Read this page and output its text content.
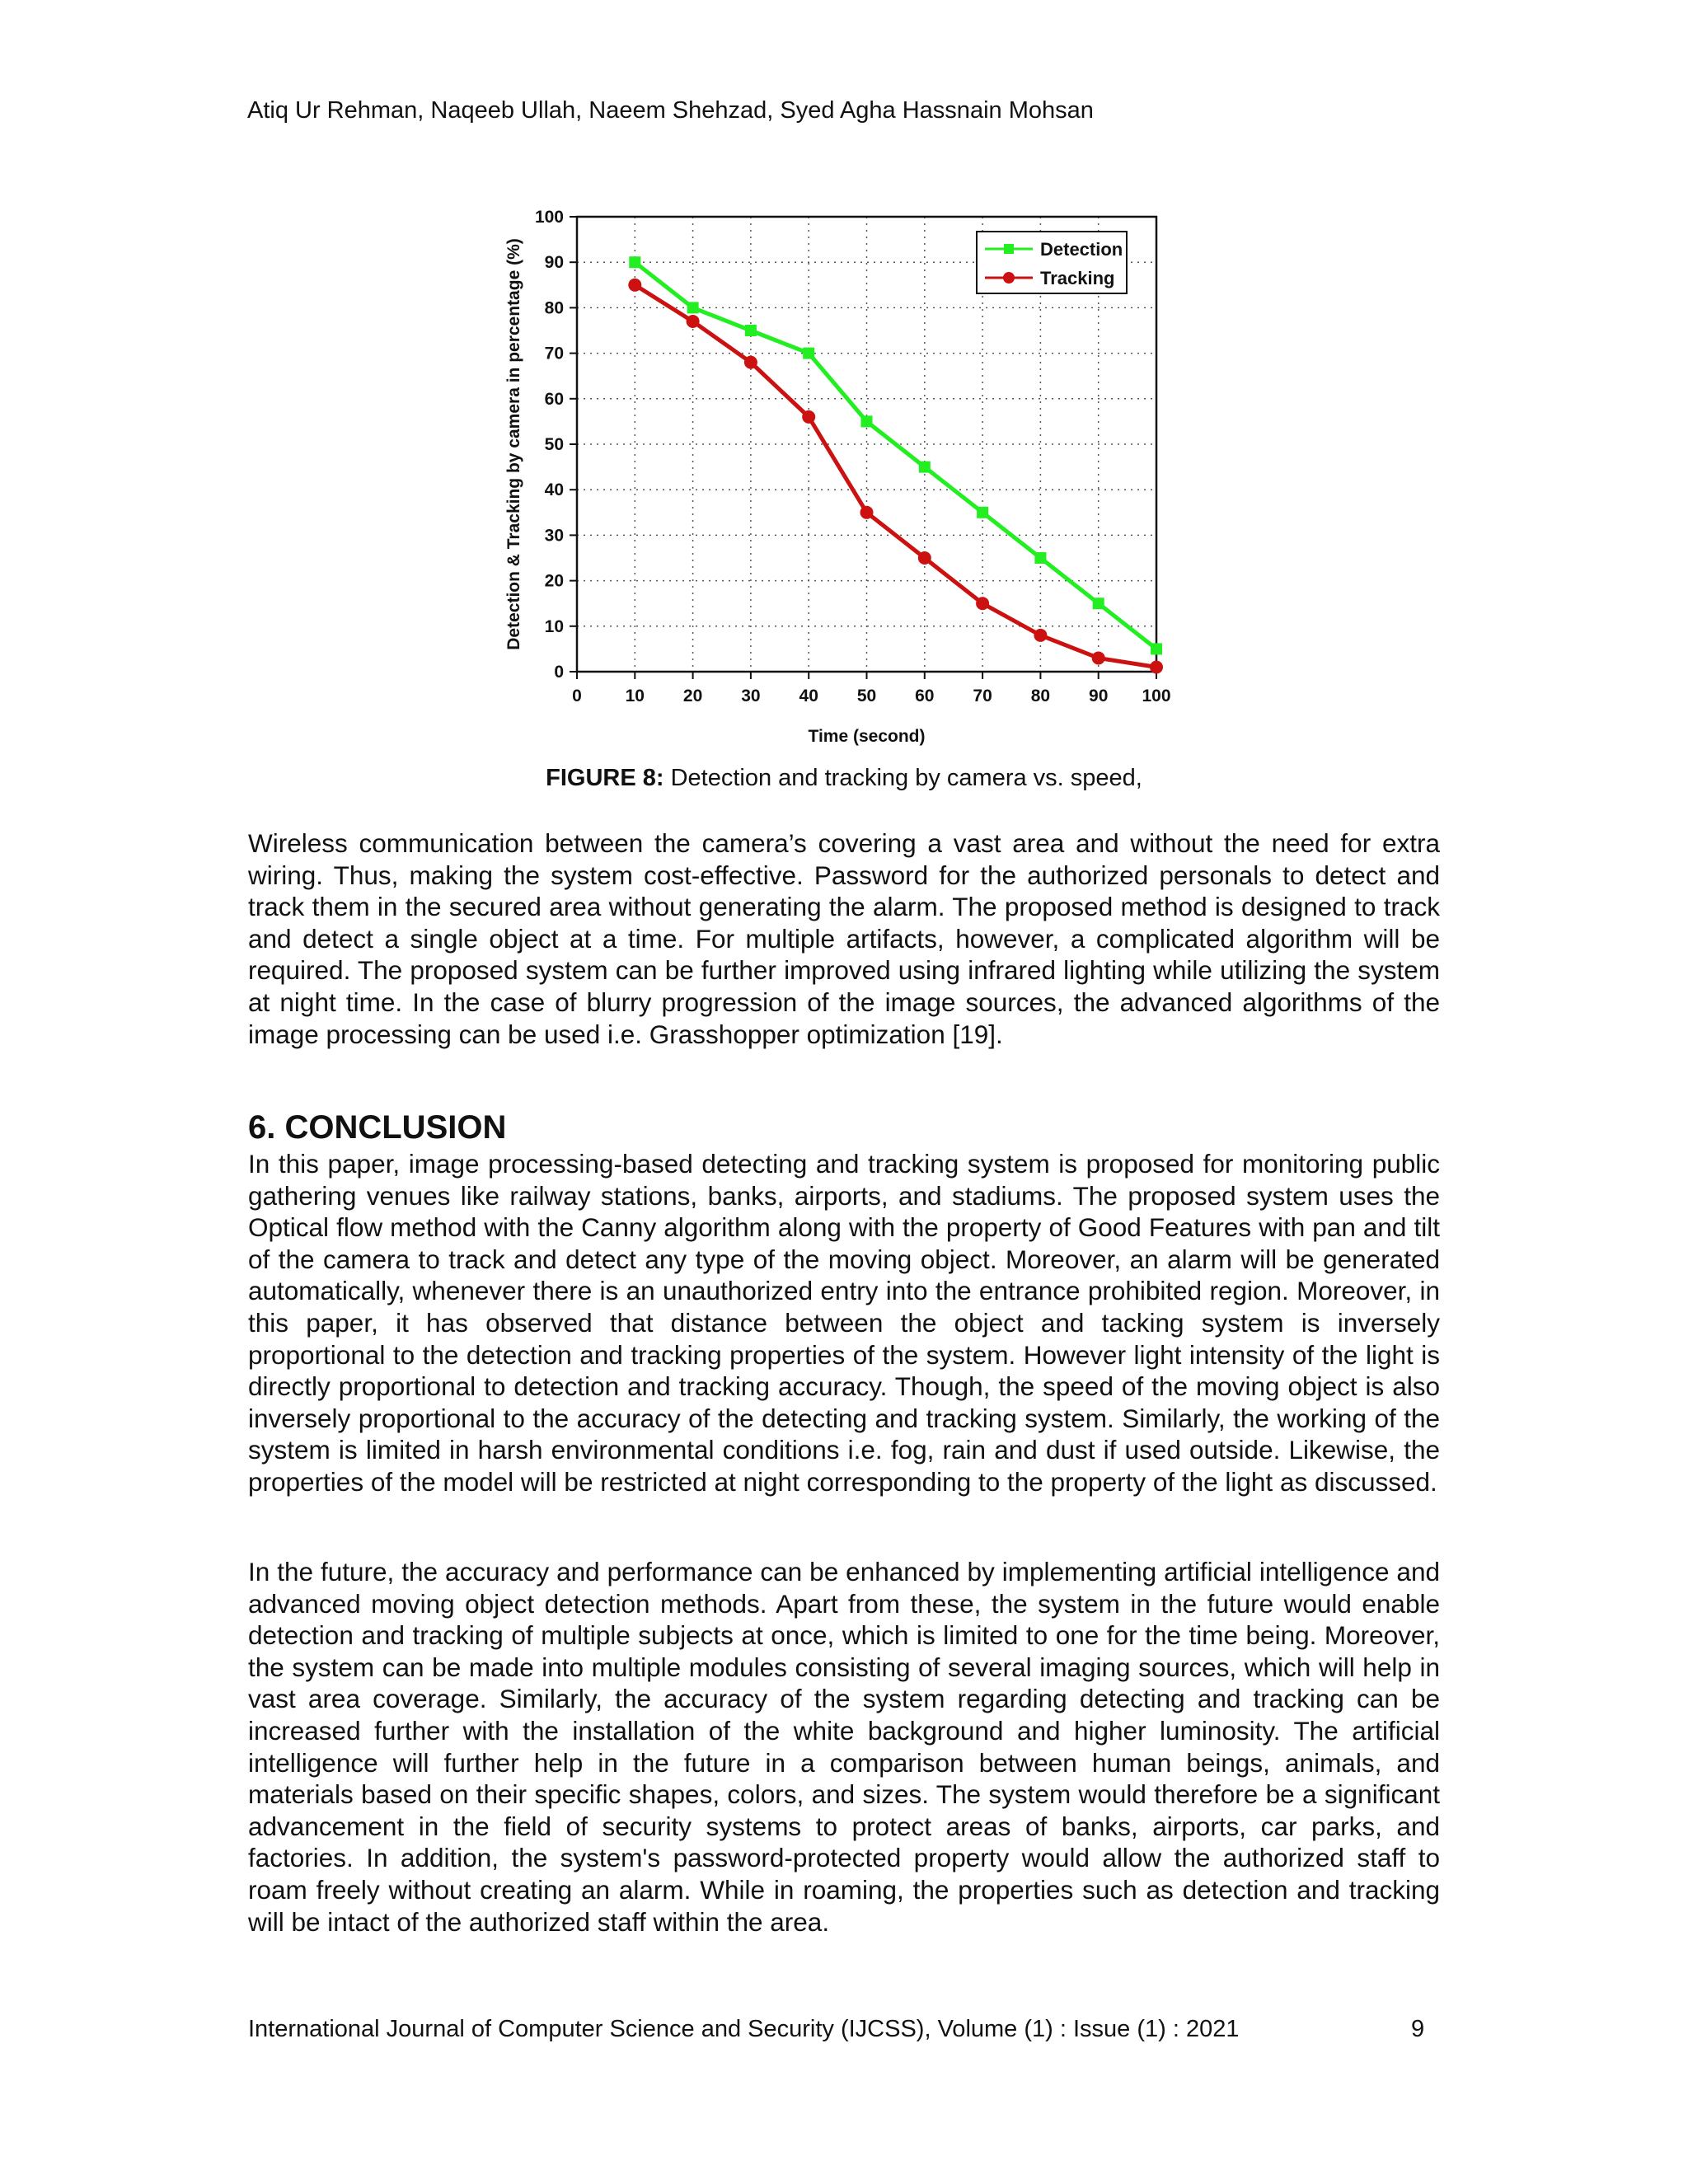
Atiq Ur Rehman, Naqeeb Ullah, Naeem Shehzad, Syed Agha Hassnain Mohsan
0	10 20 30 40 50 60 70 80 90 100
0
10
20
30
40
50
60
70
80
90
100
Time (second)
Detection & Tracking by camera in percentage (%)	Detection
Tracking
FIGURE 8: Detection and tracking by camera vs. speed,

Wireless communication between the camera’s covering a vast area and without the need for extra wiring. Thus, making the system cost-effective. Password for the authorized personals to detect and track them in the secured area without generating the alarm. The proposed method is designed to track and detect a single object at a time. For multiple artifacts, however, a complicated algorithm will be required. The proposed system can be further improved using infrared lighting while utilizing the system at night time. In the case of blurry progression of the image sources, the advanced algorithms of the image processing can be used i.e. Grasshopper optimization [19].

6. CONCLUSION

In this paper, image processing-based detecting and tracking system is proposed for monitoring public gathering venues like railway stations, banks, airports, and stadiums. The proposed system uses the Optical flow method with the Canny algorithm along with the property of Good Features with pan and tilt of the camera to track and detect any type of the moving object. Moreover, an alarm will be generated automatically, whenever there is an unauthorized entry into the entrance prohibited region. Moreover, in this paper, it has observed that distance between the object and tacking system is inversely proportional to the detection and tracking properties of the system. However light intensity of the light is directly proportional to detection and tracking accuracy. Though, the speed of the moving object is also inversely proportional to the accuracy of the detecting and tracking system. Similarly, the working of the system is limited in harsh environmental conditions i.e. fog, rain and dust if used outside. Likewise, the properties of the model will be restricted at night corresponding to the property of the light as discussed.

In the future, the accuracy and performance can be enhanced by implementing artificial intelligence and advanced moving object detection methods. Apart from these, the system in the future would enable detection and tracking of multiple subjects at once, which is limited to one for the time being. Moreover, the system can be made into multiple modules consisting of several imaging sources, which will help in vast area coverage. Similarly, the accuracy of the system regarding detecting and tracking can be increased further with the installation of the white background and higher luminosity. The artificial intelligence will further help in the future in a comparison between human beings, animals, and materials based on their specific shapes, colors, and sizes. The system would therefore be a significant advancement in the field of security systems to protect areas of banks, airports, car parks, and factories. In addition, the system's password-protected property would allow the authorized staff to roam freely without creating an alarm. While in roaming, the properties such as detection and tracking will be intact of the authorized staff within the area.

International Journal of Computer Science and Security (IJCSS), Volume (1) : Issue (1) : 2021	9
